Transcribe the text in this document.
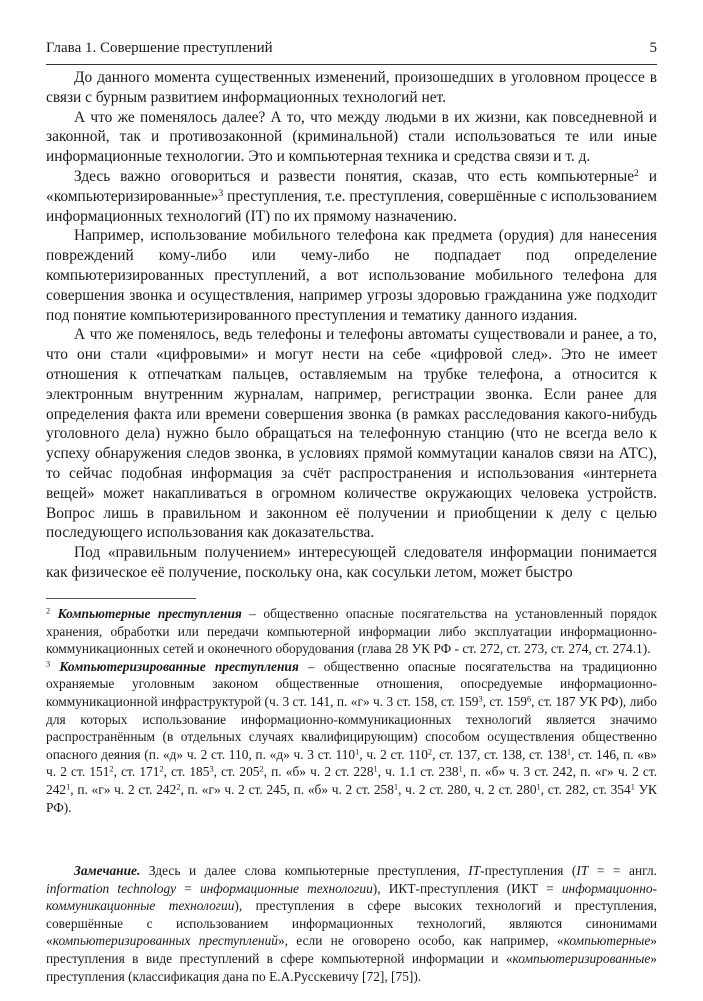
Глава 1. Совершение преступлений	5

До данного момента существенных изменений, произошедших в уголовном процессе в связи с бурным развитием информационных технологий нет.

А что же поменялось далее? А то, что между людьми в их жизни, как повседневной и законной, так и противозаконной (криминальной) стали использоваться те или иные информационные технологии. Это и компьютерная техника и средства связи и т. д.

Здесь важно оговориться и развести понятия, сказав, что есть компьютерные$^2$ и «компьютеризированные»$^3$ преступления, т.е. преступления, совершённые с использованием информационных технологий (IT) по их прямому назначению.

Например, использование мобильного телефона как предмета (орудия) для нанесения повреждений кому-либо или чему-либо не подпадает под определение компьютеризированных преступлений, а вот использование мобильного телефона для совершения звонка и осуществления, например угрозы здоровью гражданина уже подходит под понятие компьютеризированного преступления и тематику данного издания.

А что же поменялось, ведь телефоны и телефоны автоматы существовали и ранее, а то, что они стали «цифровыми» и могут нести на себе «цифровой след». Это не имеет отношения к отпечаткам пальцев, оставляемым на трубке телефона, а относится к электронным внутренним журналам, например, регистрации звонка. Если ранее для определения факта или времени совершения звонка (в рамках расследования какого-нибудь уголовного дела) нужно было обращаться на телефонную станцию (что не всегда вело к успеху обнаружения следов звонка, в условиях прямой коммутации каналов связи на АТС), то сейчас подобная информация за счёт распространения и использования «интернета вещей» может накапливаться в огромном количестве окружающих человека устройств. Вопрос лишь в правильном и законном её получении и приобщении к делу с целью последующего использования как доказательства.

Под «правильным получением» интересующей следователя информации понимается как физическое её получение, поскольку она, как сосульки летом, может быстро

$^2$ Компьютерные преступления – общественно опасные посягательства на установленный порядок хранения, обработки или передачи компьютерной информации либо эксплуатации информационно-коммуникационных сетей и оконечного оборудования (глава 28 УК РФ - ст. 272, ст. 273, ст. 274, ст. 274.1).

$^3$ Компьютеризированные преступления – общественно опасные посягательства на традиционно охраняемые уголовным законом общественные отношения, опосредуемые информационно-коммуникационной инфраструктурой (ч. 3 ст. 141, п. «г» ч. 3 ст. 158, ст. $159^3$, ст. $159^6$, ст. 187 УК РФ), либо для которых использование информационно-коммуникационных технологий является значимо распространённым (в отдельных случаях квалифицирующим) способом осуществления общественно опасного деяния (п. «д» ч. 2 ст. 110, п. «д» ч. 3 ст. $110^1$, ч. 2 ст. $110^2$, ст. 137, ст. 138, ст. $138^1$, ст. 146, п. «в» ч. 2 ст. $151^2$, ст. $171^2$, ст. $185^3$, ст. $205^2$, п. «б» ч. 2 ст. $228^1$, ч. 1.1 ст. $238^1$, п. «б» ч. 3 ст. 242, п. «г» ч. 2 ст. $242^1$, п. «г» ч. 2 ст. $242^2$, п. «г» ч. 2 ст. 245, п. «б» ч. 2 ст. $258^1$, ч. 2 ст. 280, ч. 2 ст. $280^1$, ст. 282, ст. $354^1$ УК РФ).

Замечание. Здесь и далее слова компьютерные преступления, IT-преступления (IT = = англ. information technology = информационные технологии), ИКТ-преступления (ИКТ = информационно-коммуникационные технологии), преступления в сфере высоких технологий и преступления, совершённые с использованием информационных технологий, являются синонимами «компьютеризированных преступлений», если не оговорено особо, как например, «компьютерные» преступления в виде преступлений в сфере компьютерной информации и «компьютеризированные» преступления (классификация дана по Е.А.Русскевичу [72], [75]).
